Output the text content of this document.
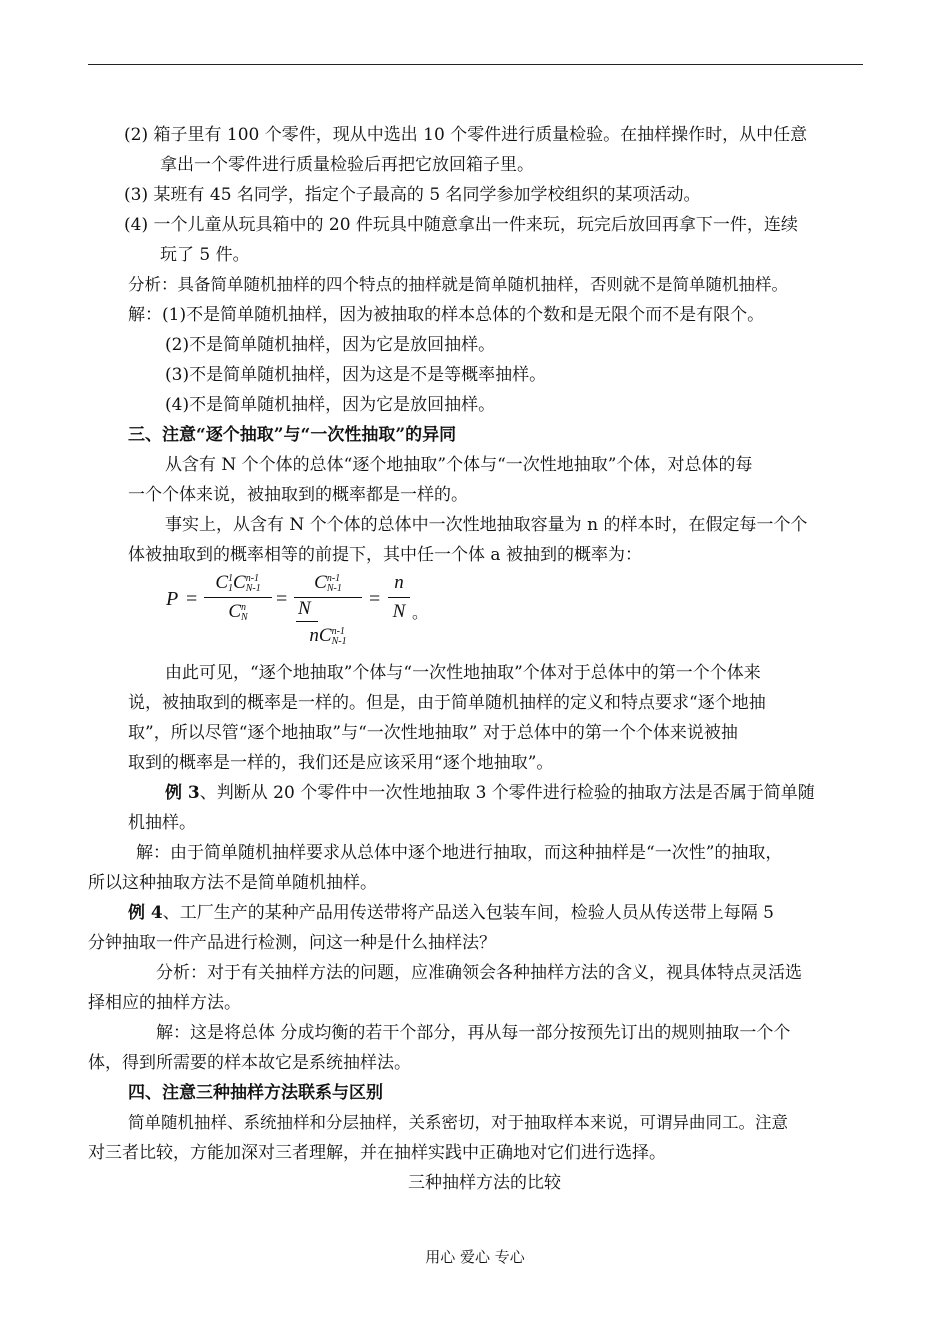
(2) 箱子里有 100 个零件，现从中选出 10 个零件进行质量检验。在抽样操作时，从中任意
拿出一个零件进行质量检验后再把它放回箱子里。
(3) 某班有 45 名同学，指定个子最高的 5 名同学参加学校组织的某项活动。
(4) 一个儿童从玩具箱中的 20 件玩具中随意拿出一件来玩，玩完后放回再拿下一件，连续
玩了 5 件。
分析：具备简单随机抽样的四个特点的抽样就是简单随机抽样，否则就不是简单随机抽样。
解：(1)不是简单随机抽样，因为被抽取的样本总体的个数和是无限个而不是有限个。
(2)不是简单随机抽样，因为它是放回抽样。
(3)不是简单随机抽样，因为这是不是等概率抽样。
(4)不是简单随机抽样，因为它是放回抽样。
三、注意“逐个抽取”与“一次性抽取”的异同
从含有 N 个个体的总体“逐个地抽取”个体与“一次性地抽取”个体，对总体的每
一个个体来说，被抽取到的概率都是一样的。
事实上，从含有 N 个个体的总体中一次性地抽取容量为 n 的样本时，在假定每一个个
体被抽取到的概率相等的前提下，其中任一个体 a 被抽到的概率为：
P =
C 1
1 C n-1
N-1
C n
N
=
C n-1
N-1
N
nC n-1
N-1
=
n
N 。
由此可见，“逐个地抽取”个体与“一次性地抽取”个体对于总体中的第一个个体来
说，被抽取到的概率是一样的。但是，由于简单随机抽样的定义和特点要求“逐个地抽
取”，所以尽管“逐个地抽取”与“一次性地抽取” 对于总体中的第一个个体来说被抽
取到的概率是一样的，我们还是应该采用“逐个地抽取”。
例 3、判断从 20 个零件中一次性地抽取 3 个零件进行检验的抽取方法是否属于简单随
机抽样。
解：由于简单随机抽样要求从总体中逐个地进行抽取，而这种抽样是“一次性”的抽取，
所以这种抽取方法不是简单随机抽样。
例 4、工厂生产的某种产品用传送带将产品送入包装车间，检验人员从传送带上每隔 5
分钟抽取一件产品进行检测，问这一种是什么抽样法？
分析：对于有关抽样方法的问题，应准确领会各种抽样方法的含义，视具体特点灵活选
择相应的抽样方法。
解：这是将总体 分成均衡的若干个部分，再从每一部分按预先订出的规则抽取一个个
体，得到所需要的样本故它是系统抽样法。
四、注意三种抽样方法联系与区别
简单随机抽样、系统抽样和分层抽样，关系密切，对于抽取样本来说，可谓异曲同工。注意
对三者比较，方能加深对三者理解，并在抽样实践中正确地对它们进行选择。
三种抽样方法的比较
用心 爱心 专心
